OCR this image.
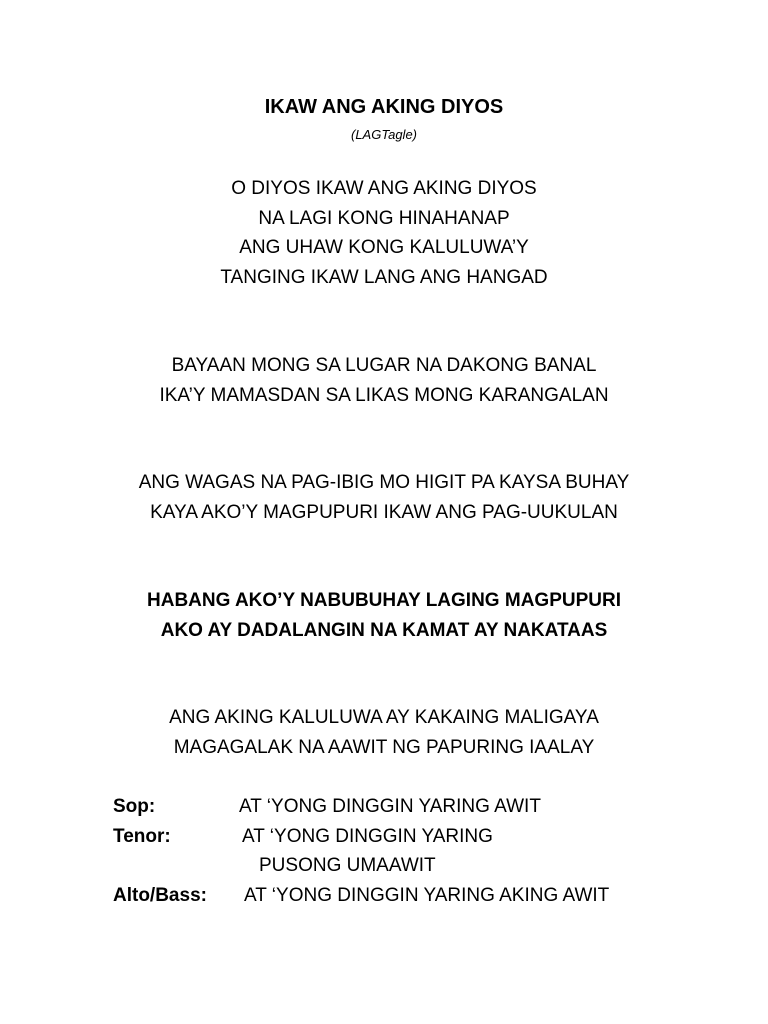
IKAW ANG AKING DIYOS
(LAGTagle)
O DIYOS IKAW ANG AKING DIYOS
NA LAGI KONG HINAHANAP
ANG UHAW KONG KALULUWA’Y
TANGING IKAW LANG ANG HANGAD
BAYAAN MONG SA LUGAR NA DAKONG BANAL
IKA’Y MAMASDAN SA LIKAS MONG KARANGALAN
ANG WAGAS NA PAG-IBIG MO HIGIT PA KAYSA BUHAY
KAYA AKO’Y MAGPUPURI IKAW ANG PAG-UUKULAN
HABANG AKO’Y NABUBUHAY LAGING MAGPUPURI
AKO AY DADALANGIN NA KAMAT AY NAKATAAS
ANG AKING KALULUWA AY KAKAING MALIGAYA
MAGAGALAK NA AAWIT NG PAPURING IAALAY
Sop:	AT ‘YONG DINGGIN YARING AWIT
Tenor:	AT ‘YONG DINGGIN YARING
PUSONG UMAAWIT
Alto/Bass: AT ‘YONG DINGGIN YARING AKING AWIT
